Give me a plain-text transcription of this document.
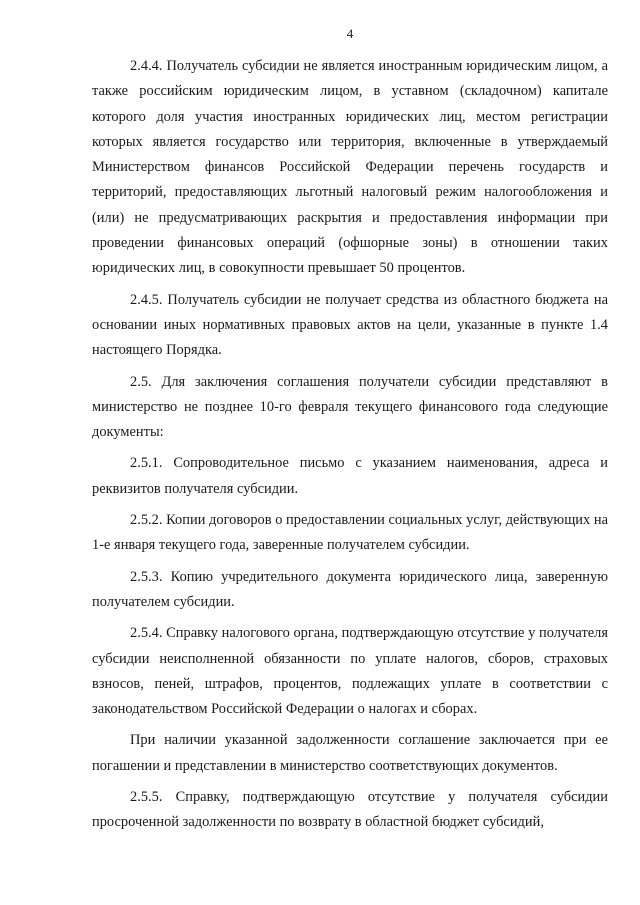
4

2.4.4. Получатель субсидии не является иностранным юридическим лицом, а также российским юридическим лицом, в уставном (складочном) капитале которого доля участия иностранных юридических лиц, местом регистрации которых является государство или территория, включенные в утверждаемый Министерством финансов Российской Федерации перечень государств и территорий, предоставляющих льготный налоговый режим налогообложения и (или) не предусматривающих раскрытия и предоставления информации при проведении финансовых операций (офшорные зоны) в отношении таких юридических лиц, в совокупности превышает 50 процентов.

2.4.5. Получатель субсидии не получает средства из областного бюджета на основании иных нормативных правовых актов на цели, указанные в пункте 1.4 настоящего Порядка.

2.5. Для заключения соглашения получатели субсидии представляют в министерство не позднее 10-го февраля текущего финансового года следующие документы:

2.5.1. Сопроводительное письмо с указанием наименования, адреса и реквизитов получателя субсидии.

2.5.2. Копии договоров о предоставлении социальных услуг, действующих на 1-е января текущего года, заверенные получателем субсидии.

2.5.3. Копию учредительного документа юридического лица, заверенную получателем субсидии.

2.5.4. Справку налогового органа, подтверждающую отсутствие у получателя субсидии неисполненной обязанности по уплате налогов, сборов, страховых взносов, пеней, штрафов, процентов, подлежащих уплате в соответствии с законодательством Российской Федерации о налогах и сборах.

При наличии указанной задолженности соглашение заключается при ее погашении и представлении в министерство соответствующих документов.

2.5.5. Справку, подтверждающую отсутствие у получателя субсидии просроченной задолженности по возврату в областной бюджет субсидий,
